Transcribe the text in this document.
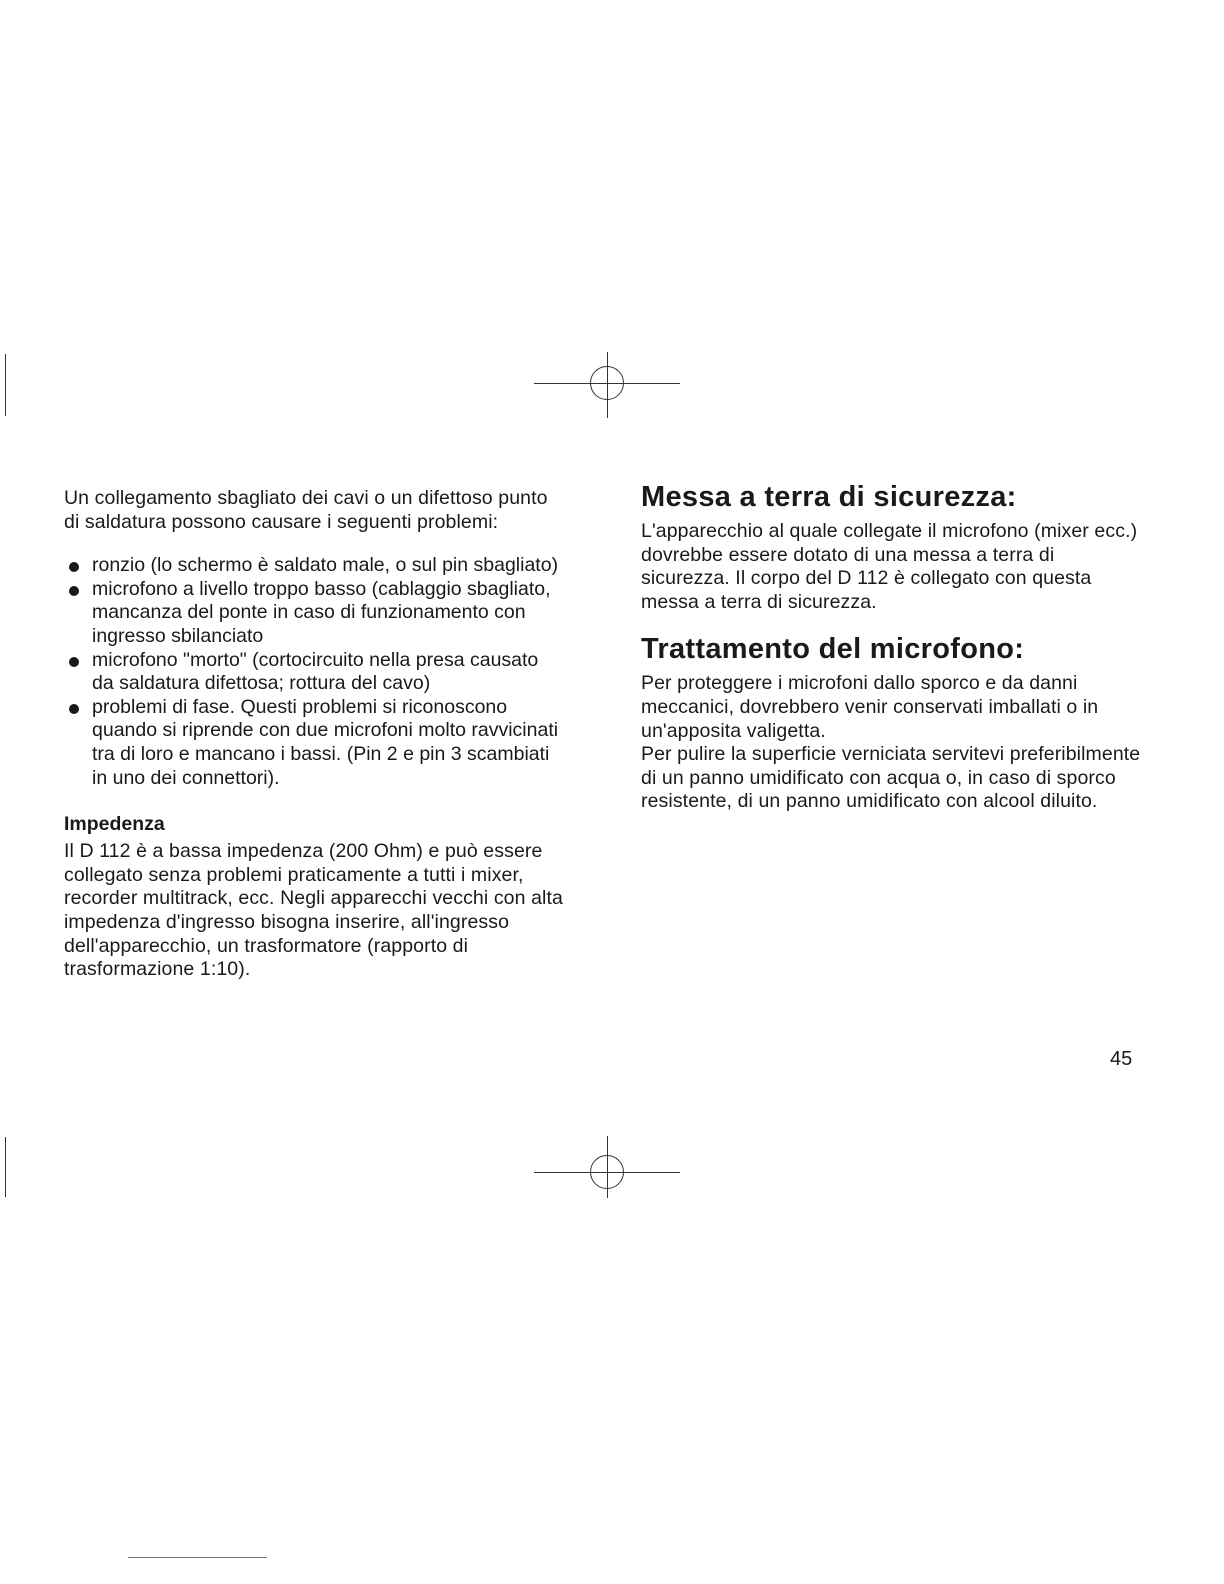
Un collegamento sbagliato dei cavi o un difettoso punto di saldatura possono causare i seguenti problemi:

ronzio (lo schermo è saldato male, o sul pin sbagliato)
microfono a livello troppo basso (cablaggio sbagliato, mancanza del ponte in caso di funzionamento con ingresso sbilanciato
microfono "morto" (cortocircuito nella presa causato da saldatura difettosa; rottura del cavo)
problemi di fase. Questi problemi si riconoscono quando si riprende con due microfoni molto ravvicinati tra di loro e mancano i bassi. (Pin 2 e pin 3 scambiati in uno dei connettori).
Impedenza

Il D 112 è a bassa impedenza (200 Ohm) e può essere collegato senza problemi praticamente a tutti i mixer, recorder multitrack, ecc. Negli apparecchi vecchi con alta impedenza d'ingresso bisogna inserire, all'ingresso dell'apparecchio, un trasformatore (rapporto di trasformazione 1:10).

Messa a terra di sicurezza:

L'apparecchio al quale collegate il microfono (mixer ecc.) dovrebbe essere dotato di una messa a terra di sicurezza. Il corpo del D 112 è collegato con questa messa a terra di sicurezza.

Trattamento del microfono:

Per proteggere i microfoni dallo sporco e da danni meccanici, dovrebbero venir conservati imballati o in un'apposita valigetta.

Per pulire la superficie verniciata servitevi preferibilmente di un panno umidificato con acqua o, in caso di sporco resistente, di un panno umidificato con alcool diluito.

45
